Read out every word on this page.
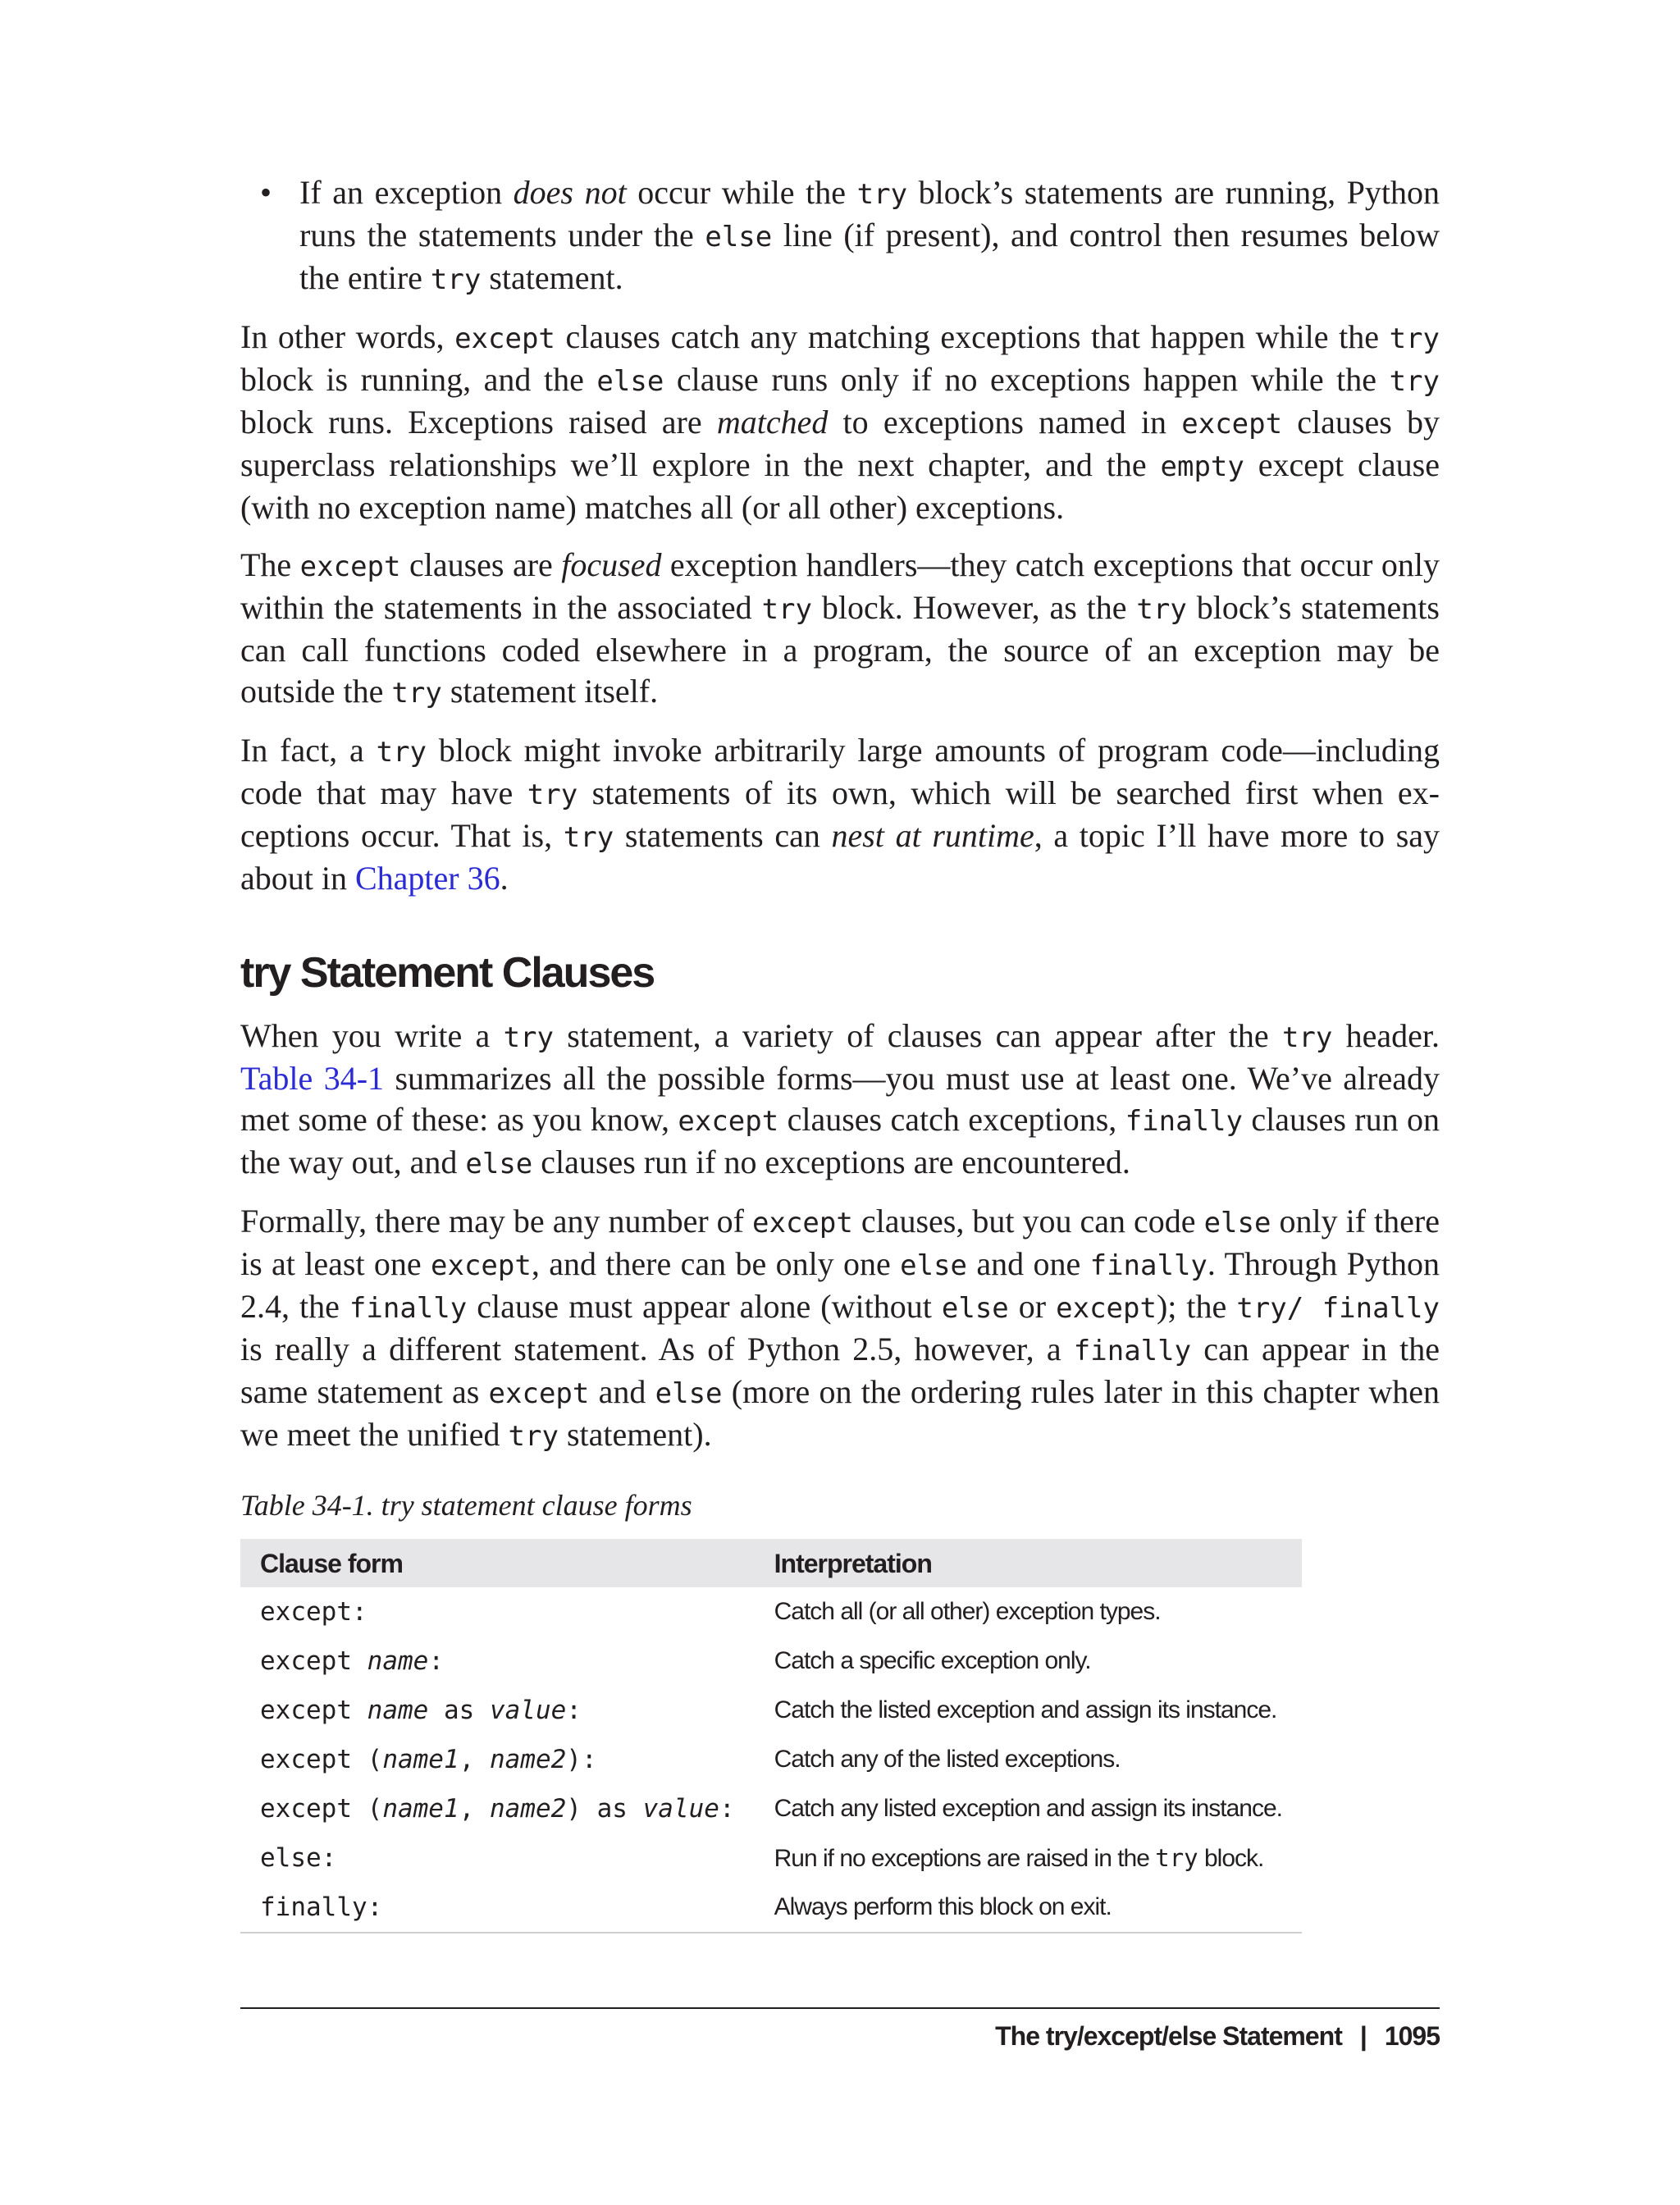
• If an exception does not occur while the try block’s statements are running, Python runs the statements under the else line (if present), and control then resumes below the entire try statement.

In other words, except clauses catch any matching exceptions that happen while the try block is running, and the else clause runs only if no exceptions happen while the try block runs. Exceptions raised are matched to exceptions named in except clauses by superclass relationships we’ll explore in the next chapter, and the empty except clause (with no exception name) matches all (or all other) exceptions.

The except clauses are focused exception handlers—they catch exceptions that occur only within the statements in the associated try block. However, as the try block’s statements can call functions coded elsewhere in a program, the source of an exception may be outside the try statement itself.

In fact, a try block might invoke arbitrarily large amounts of program code—including code that may have try statements of its own, which will be searched first when exceptions occur. That is, try statements can nest at runtime, a topic I’ll have more to say about in Chapter 36.

try Statement Clauses

When you write a try statement, a variety of clauses can appear after the try header. Table 34-1 summarizes all the possible forms—you must use at least one. We’ve already met some of these: as you know, except clauses catch exceptions, finally clauses run on the way out, and else clauses run if no exceptions are encountered.

Formally, there may be any number of except clauses, but you can code else only if there is at least one except, and there can be only one else and one finally. Through Python 2.4, the finally clause must appear alone (without else or except); the try/ finally is really a different statement. As of Python 2.5, however, a finally can appear in the same statement as except and else (more on the ordering rules later in this chapter when we meet the unified try statement).

Table 34-1. try statement clause forms
Clause form	Interpretation
except:	Catch all (or all other) exception types.
except name:	Catch a specific exception only.
except name as value:	Catch the listed exception and assign its instance.
except (name1, name2):	Catch any of the listed exceptions.
except (name1, name2) as value:	Catch any listed exception and assign its instance.
else:	Run if no exceptions are raised in the try block.
finally:	Always perform this block on exit.
The try/except/else Statement | 1095
